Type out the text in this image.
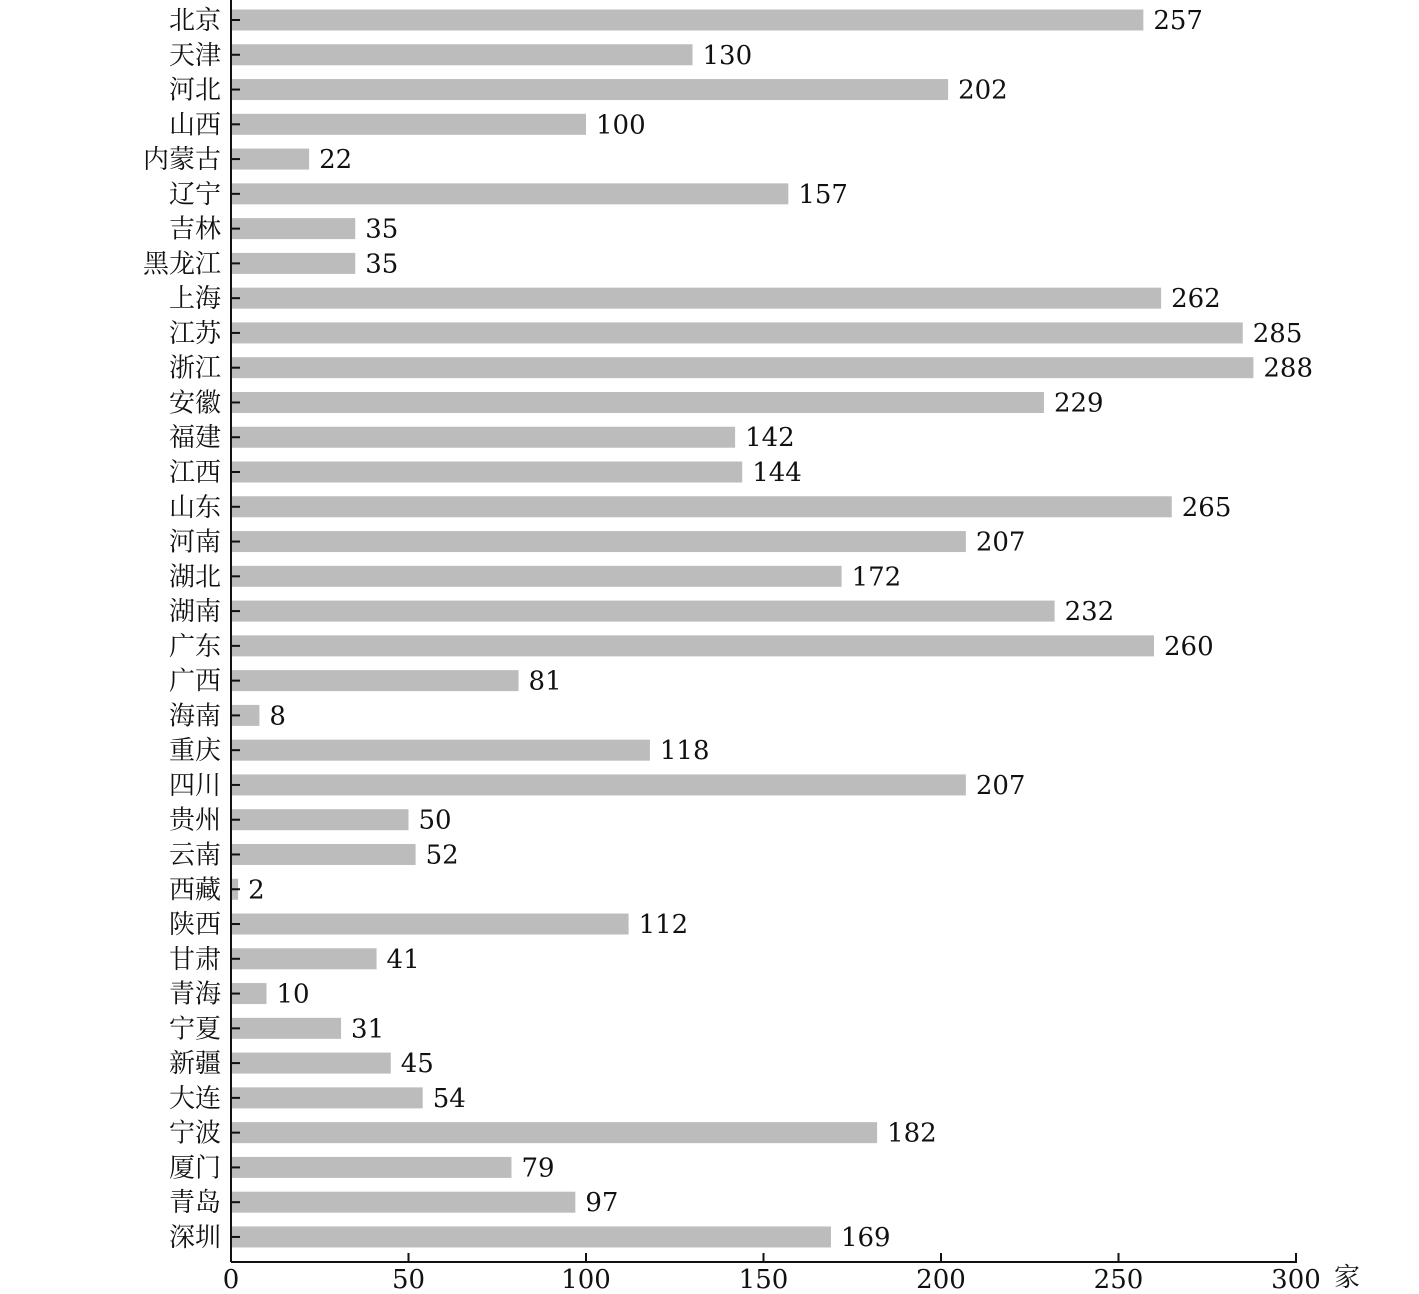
257
130
202
100
22
157
35
35
262
285
288
229
142
144
265
207
172
232
260
81
8
118
207
50
52
2
112
41
10
31
45
54
182
79
97
169
北京
天津
河北
山西
内蒙古
辽宁
吉林
黑龙江
上海
江苏
浙江
安徽
福建
江西
山东
河南
湖北
湖南
广东
广西
海南
重庆
四川
贵州
云南
西藏
陕西
甘肃
青海
宁夏
新疆
大连
宁波
厦门
青岛
深圳
0	50	100	150	200	250	300 家
